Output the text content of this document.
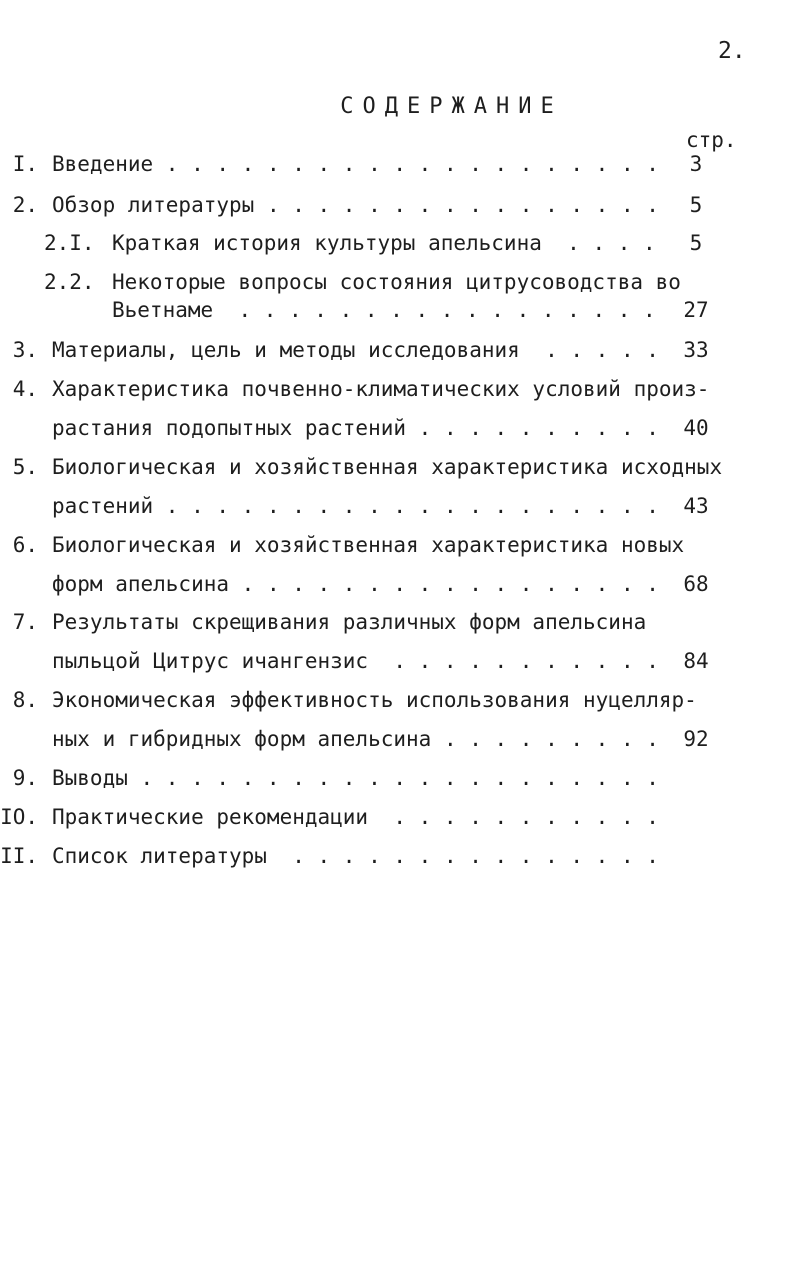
2.
СОДЕРЖАНИЕ
стр.
I. Введение . . . . . . . . . . . . . . . . . . . .	3
2. Обзор литературы . . . . . . . . . . . . . . . .	5
2.I. Краткая история культуры апельсина  . . . .	5
2.2. Некоторые вопросы состояния цитрусоводства во
Вьетнаме  . . . . . . . . . . . . . . . . .	27
3. Материалы, цель и методы исследования  . . . . .	33
4. Характеристика почвенно-климатических условий произ-
растания подопытных растений . . . . . . . . . .	40
5. Биологическая и хозяйственная характеристика исходных
растений . . . . . . . . . . . . . . . . . . . .	43
6. Биологическая и хозяйственная характеристика новых
форм апельсина . . . . . . . . . . . . . . . . .	68
7. Результаты скрещивания различных форм апельсина
пыльцой Цитрус ичангензис  . . . . . . . . . . .	84
8. Экономическая эффективность использования нуцелляр-
ных и гибридных форм апельсина . . . . . . . . .	92
9. Выводы . . . . . . . . . . . . . . . . . . . . .
IO. Практические рекомендации  . . . . . . . . . . .
II. Список литературы  . . . . . . . . . . . . . . .
